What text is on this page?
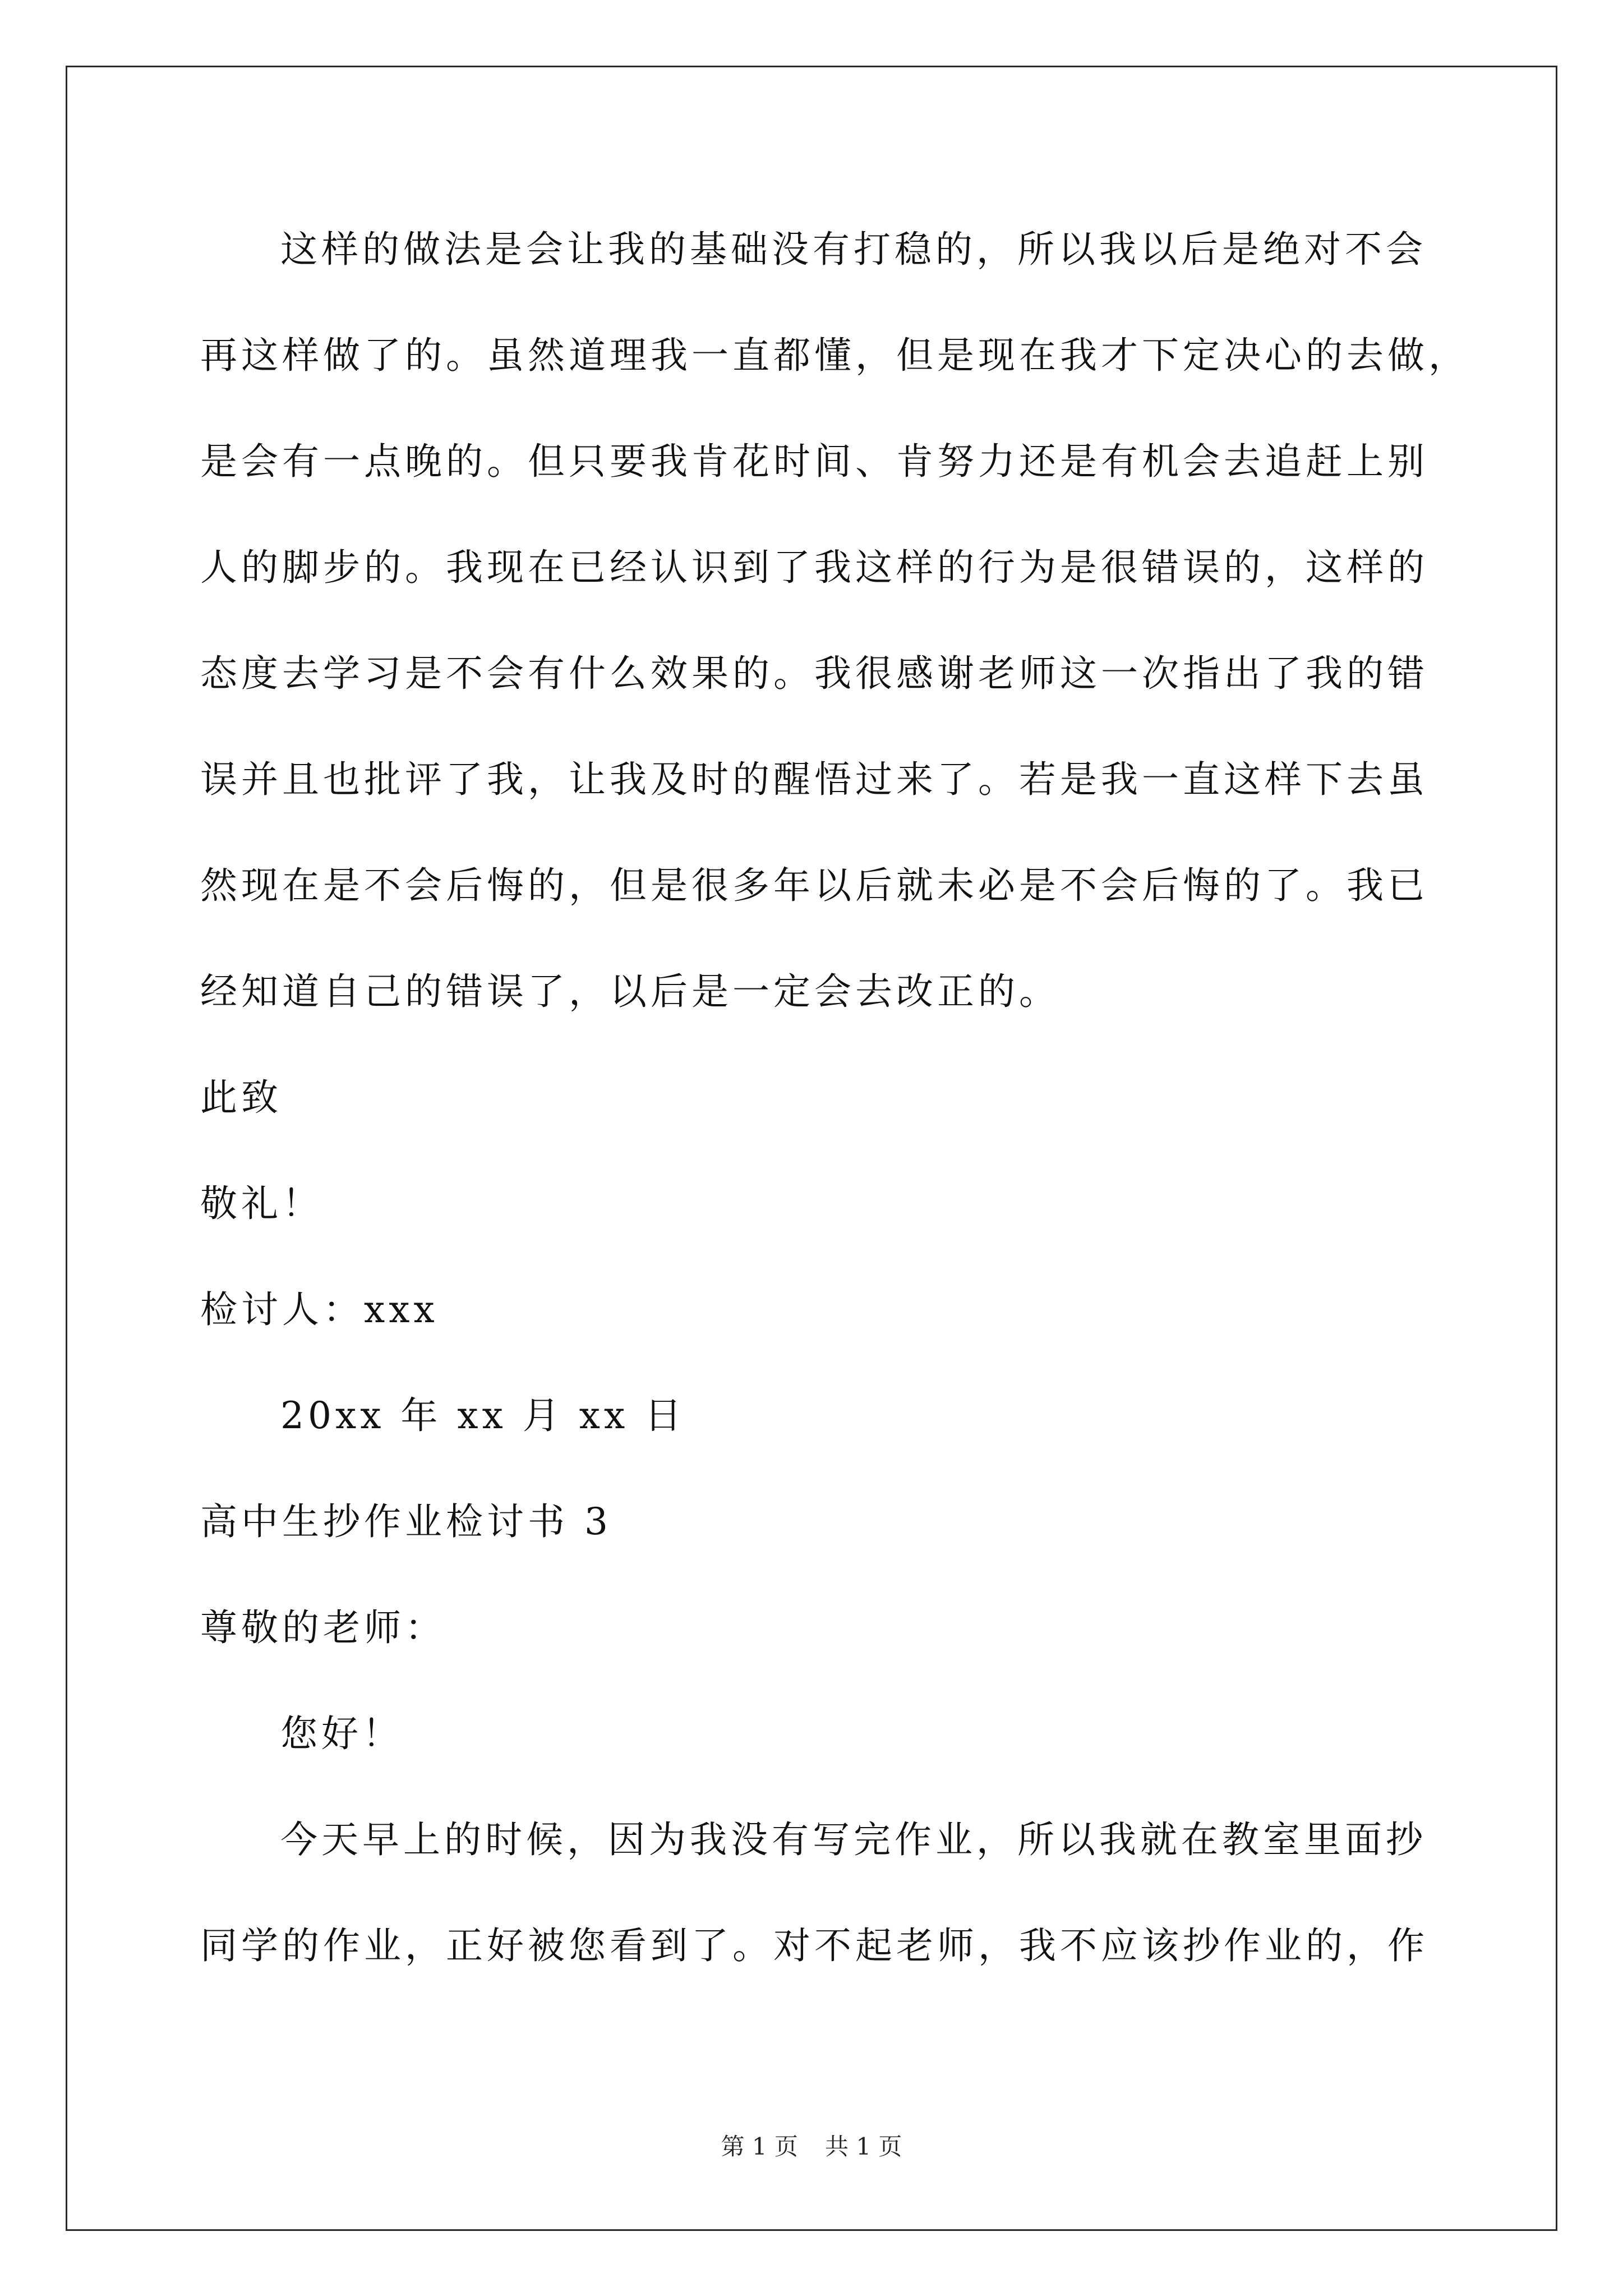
这样的做法是会让我的基础没有打稳的，所以我以后是绝对不会
再这样做了的。虽然道理我一直都懂，但是现在我才下定决心的去做，
是会有一点晚的。但只要我肯花时间、肯努力还是有机会去追赶上别
人的脚步的。我现在已经认识到了我这样的行为是很错误的，这样的
态度去学习是不会有什么效果的。我很感谢老师这一次指出了我的错
误并且也批评了我，让我及时的醒悟过来了。若是我一直这样下去虽
然现在是不会后悔的，但是很多年以后就未必是不会后悔的了。我已
经知道自己的错误了，以后是一定会去改正的。
此致
敬礼！
检讨人：xxx
20xx 年 xx 月 xx 日
高中生抄作业检讨书 3
尊敬的老师：
您好！
今天早上的时候，因为我没有写完作业，所以我就在教室里面抄
同学的作业，正好被您看到了。对不起老师，我不应该抄作业的，作
第 1 页 共 1 页
